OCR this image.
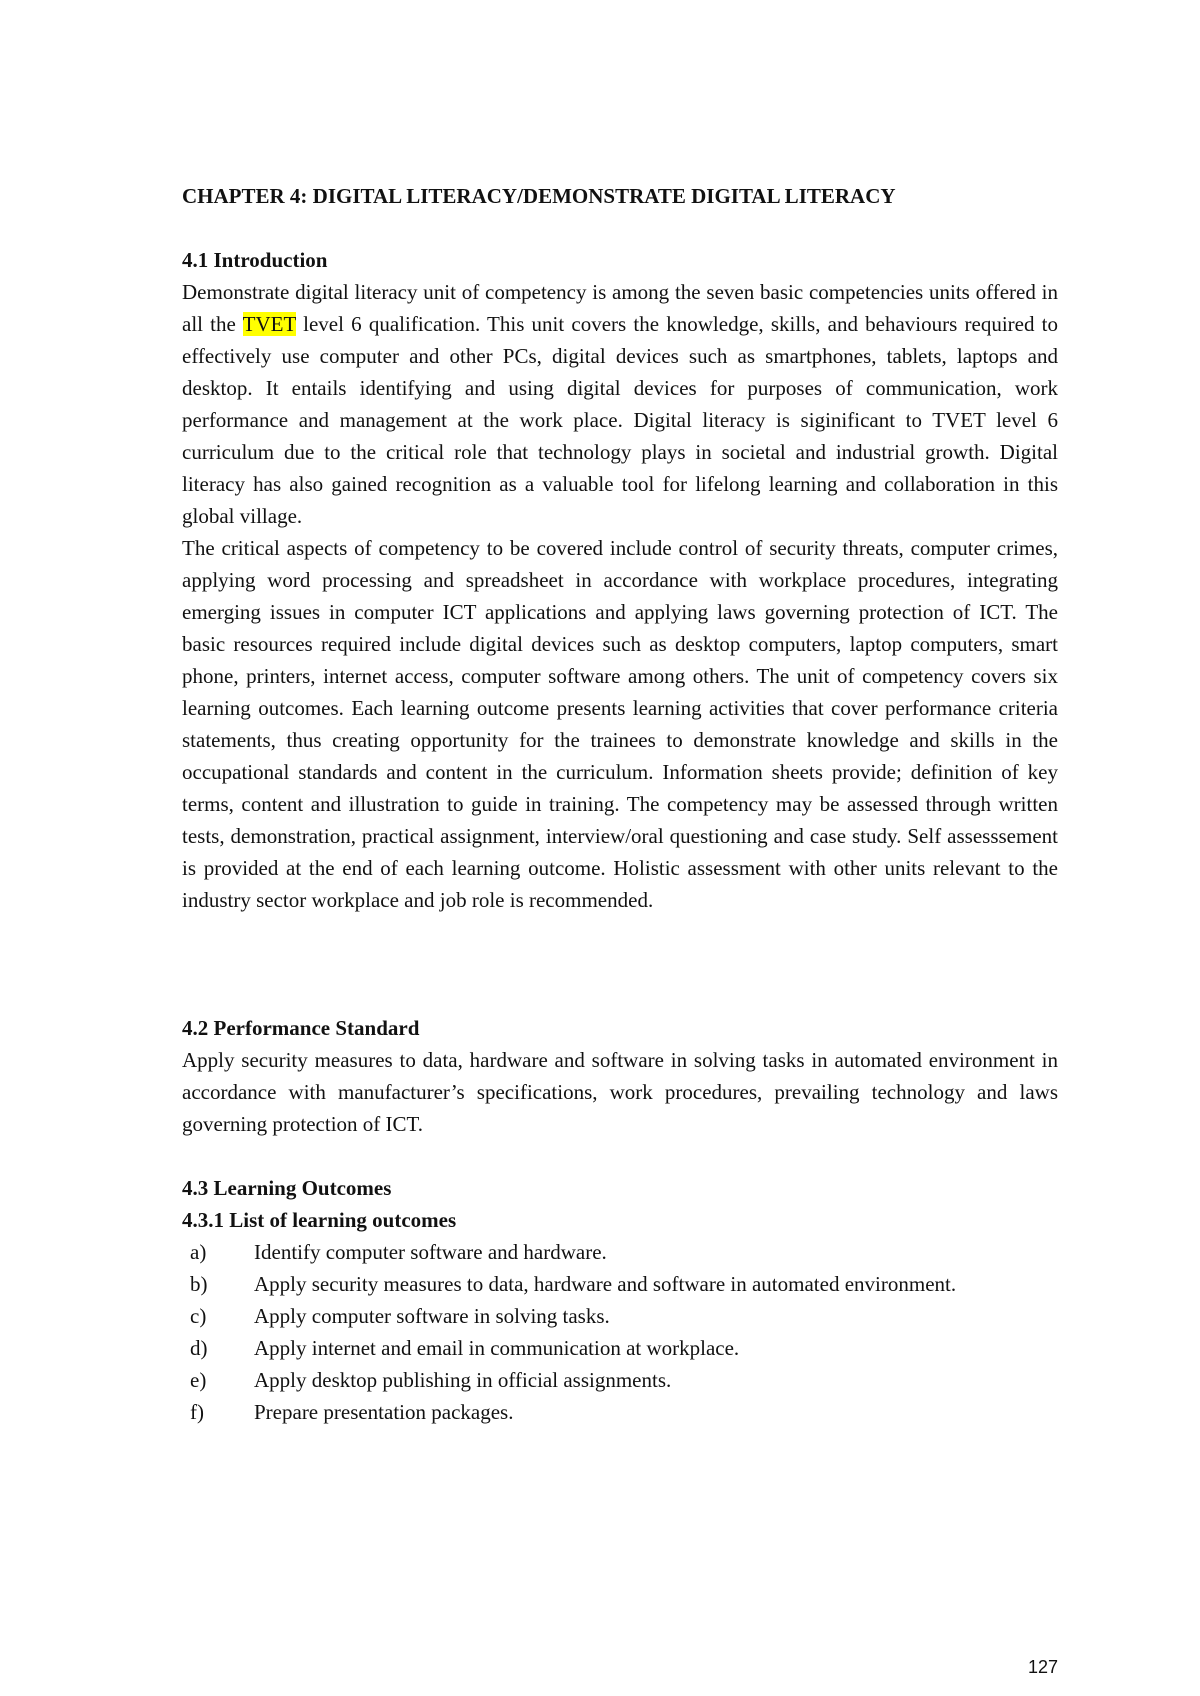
CHAPTER 4: DIGITAL LITERACY/DEMONSTRATE DIGITAL LITERACY
4.1 Introduction

Demonstrate digital literacy unit of competency is among the seven basic competencies units offered in all the TVET level 6 qualification. This unit covers the knowledge, skills, and behaviours required to effectively use computer and other PCs, digital devices such as smartphones, tablets, laptops and desktop. It entails identifying and using digital devices for purposes of communication, work performance and management at the work place. Digital literacy is siginificant to TVET level 6 curriculum due to the critical role that technology plays in societal and industrial growth. Digital literacy has also gained recognition as a valuable tool for lifelong learning and collaboration in this global village.

The critical aspects of competency to be covered include control of security threats, computer crimes, applying word processing and spreadsheet in accordance with workplace procedures, integrating emerging issues in computer ICT applications and applying laws governing protection of ICT. The basic resources required include digital devices such as desktop computers, laptop computers, smart phone, printers, internet access, computer software among others. The unit of competency covers six learning outcomes. Each learning outcome presents learning activities that cover performance criteria statements, thus creating opportunity for the trainees to demonstrate knowledge and skills in the occupational standards and content in the curriculum. Information sheets provide; definition of key terms, content and illustration to guide in training. The competency may be assessed through written tests, demonstration, practical assignment, interview/oral questioning and case study. Self assesssement is provided at the end of each learning outcome. Holistic assessment with other units relevant to the industry sector workplace and job role is recommended.

4.2 Performance Standard

Apply security measures to data, hardware and software in solving tasks in automated environment in accordance with manufacturer’s specifications, work procedures, prevailing technology and laws governing protection of ICT.

4.3 Learning Outcomes
4.3.1 List of learning outcomes
a) Identify computer software and hardware.
b) Apply security measures to data, hardware and software in automated environment.
c) Apply computer software in solving tasks.
d) Apply internet and email in communication at workplace.
e) Apply desktop publishing in official assignments.
f) Prepare presentation packages.
127
